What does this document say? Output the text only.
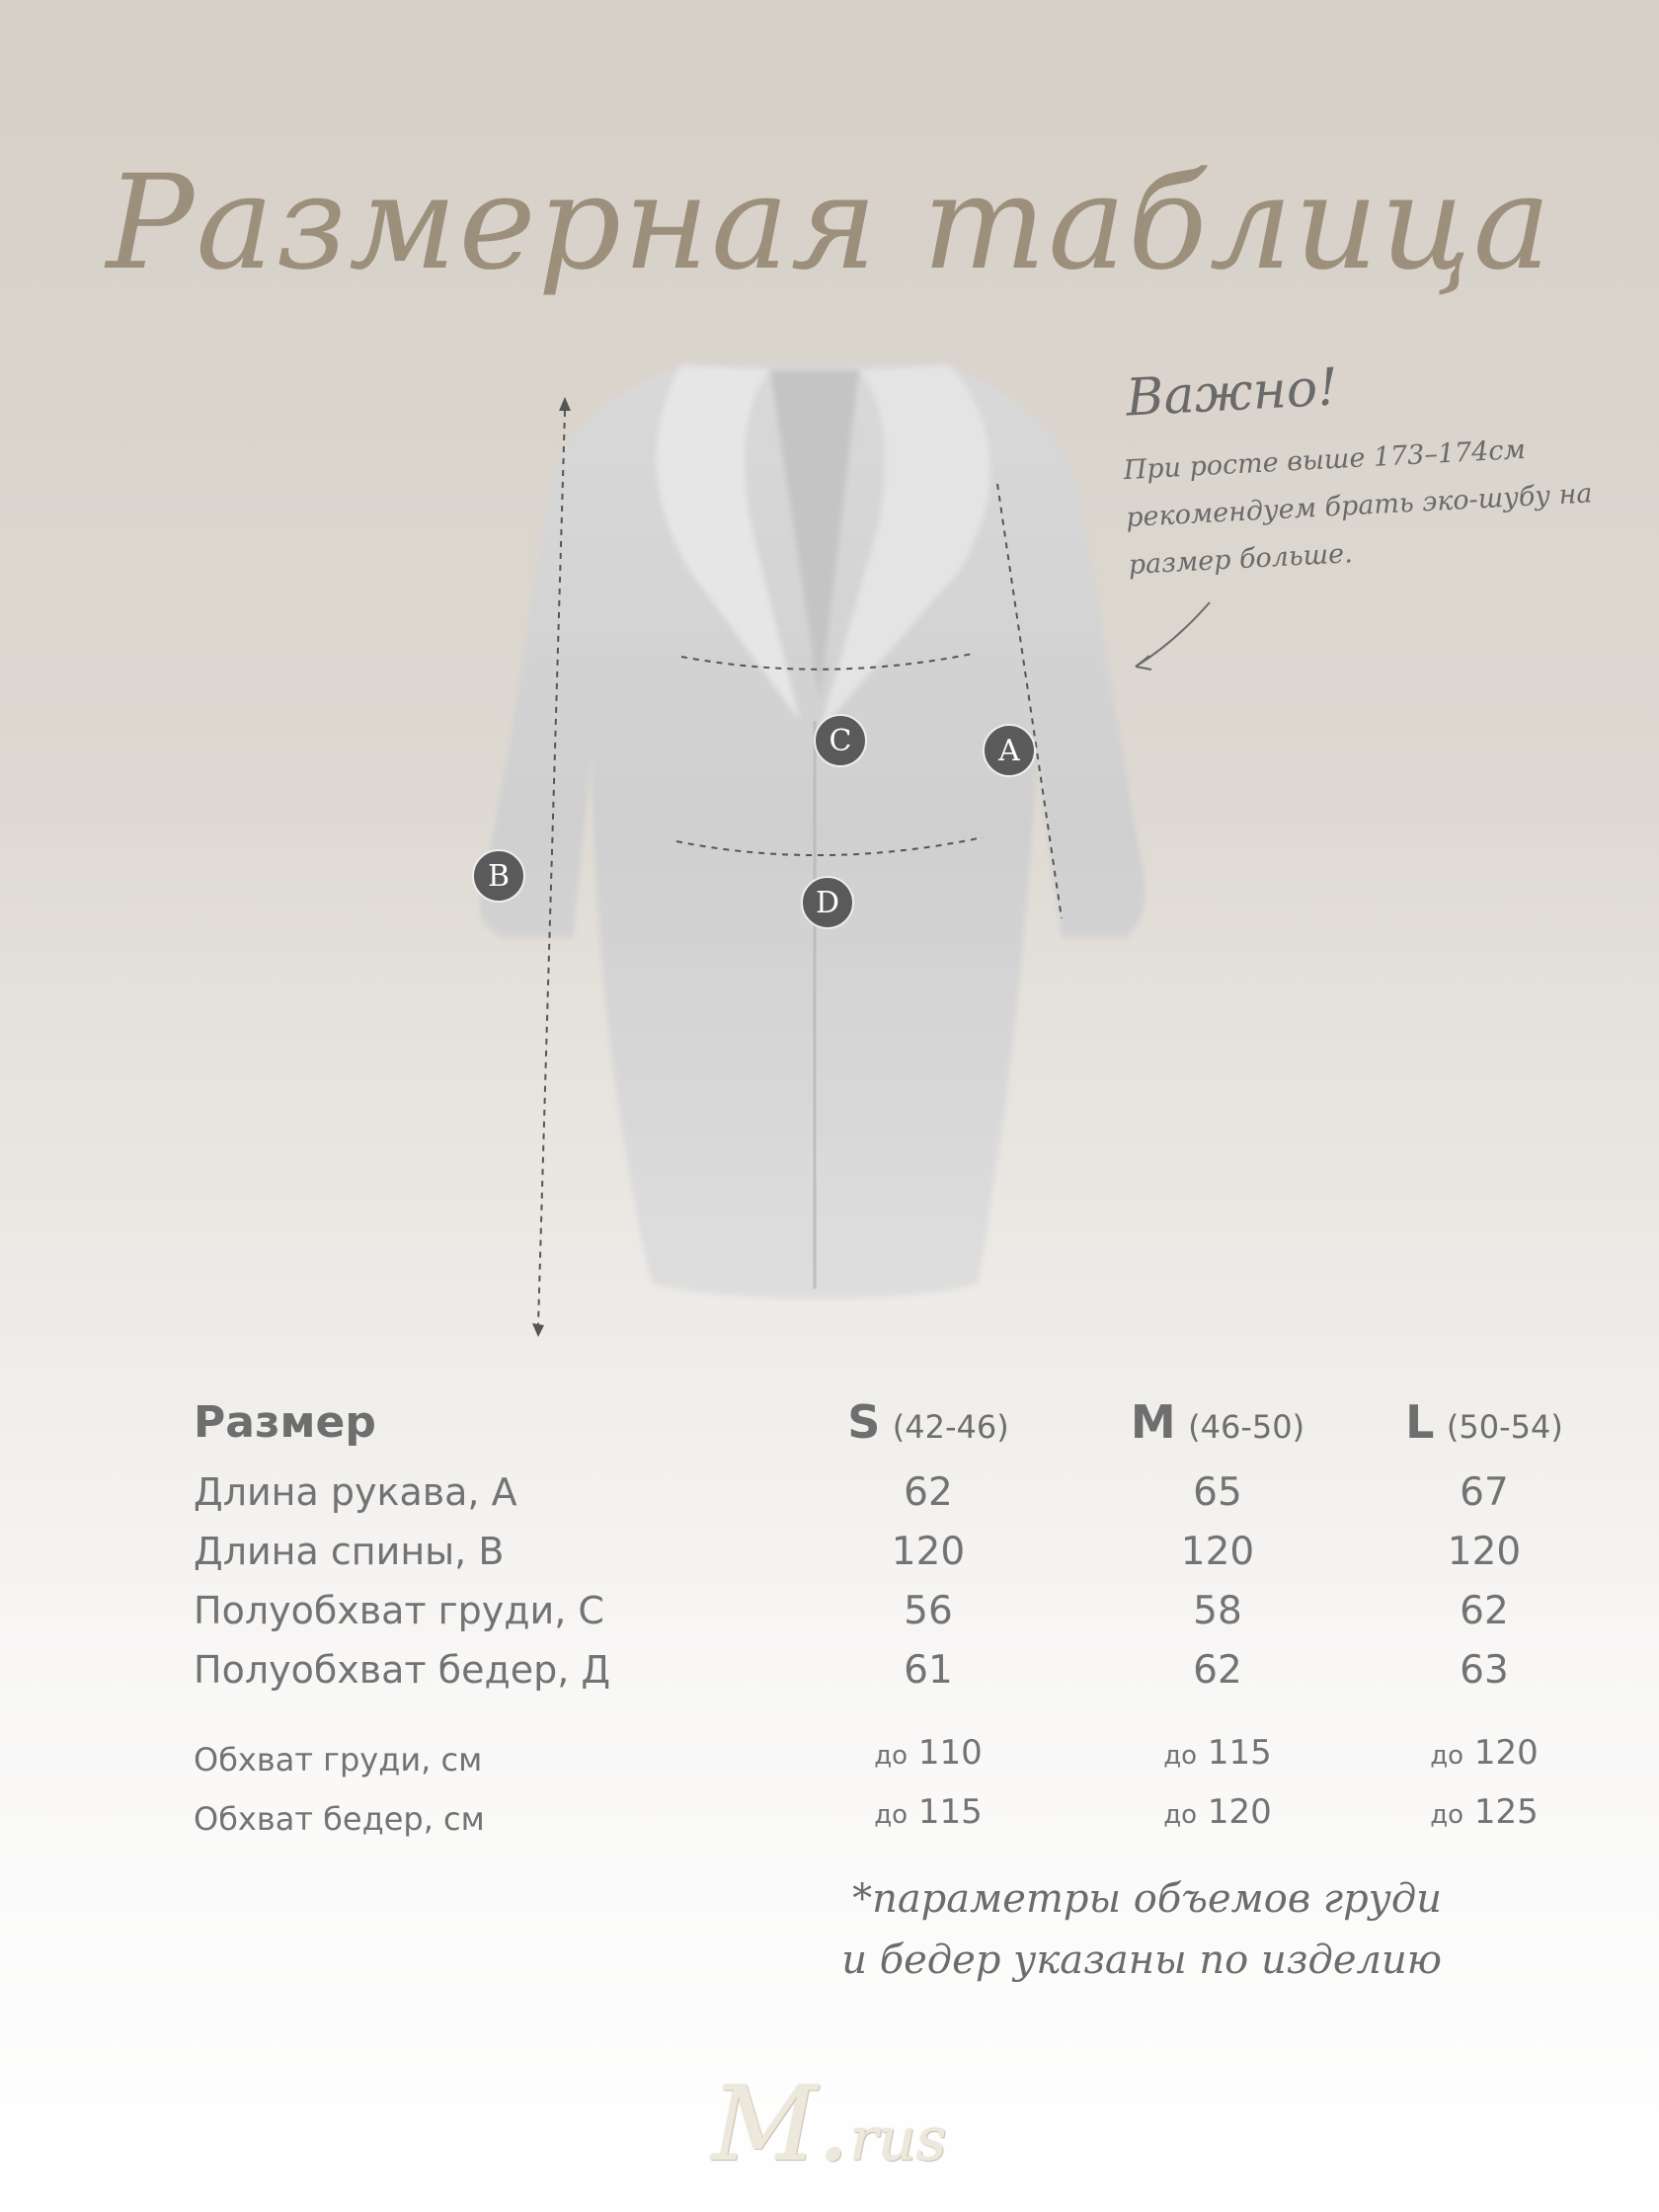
Размерная таблица
C	A
B
D
Важно!
При росте выше 173–174см рекомендуем брать эко-шубу на размер больше.
Размер	S (42-46)	M (46-50)	L (50-54)
Длина рукава, А	62	65	67
Длина спины, В	120	120	120
Полуобхват груди, С	56	58	62
Полуобхват бедер, Д	61	62	63
Обхват груди, см	до 110	до 115	до 120
Обхват бедер, см	до 115	до 120	до 125
*параметры объемов груди
и бедер указаны по изделию
M.rus
